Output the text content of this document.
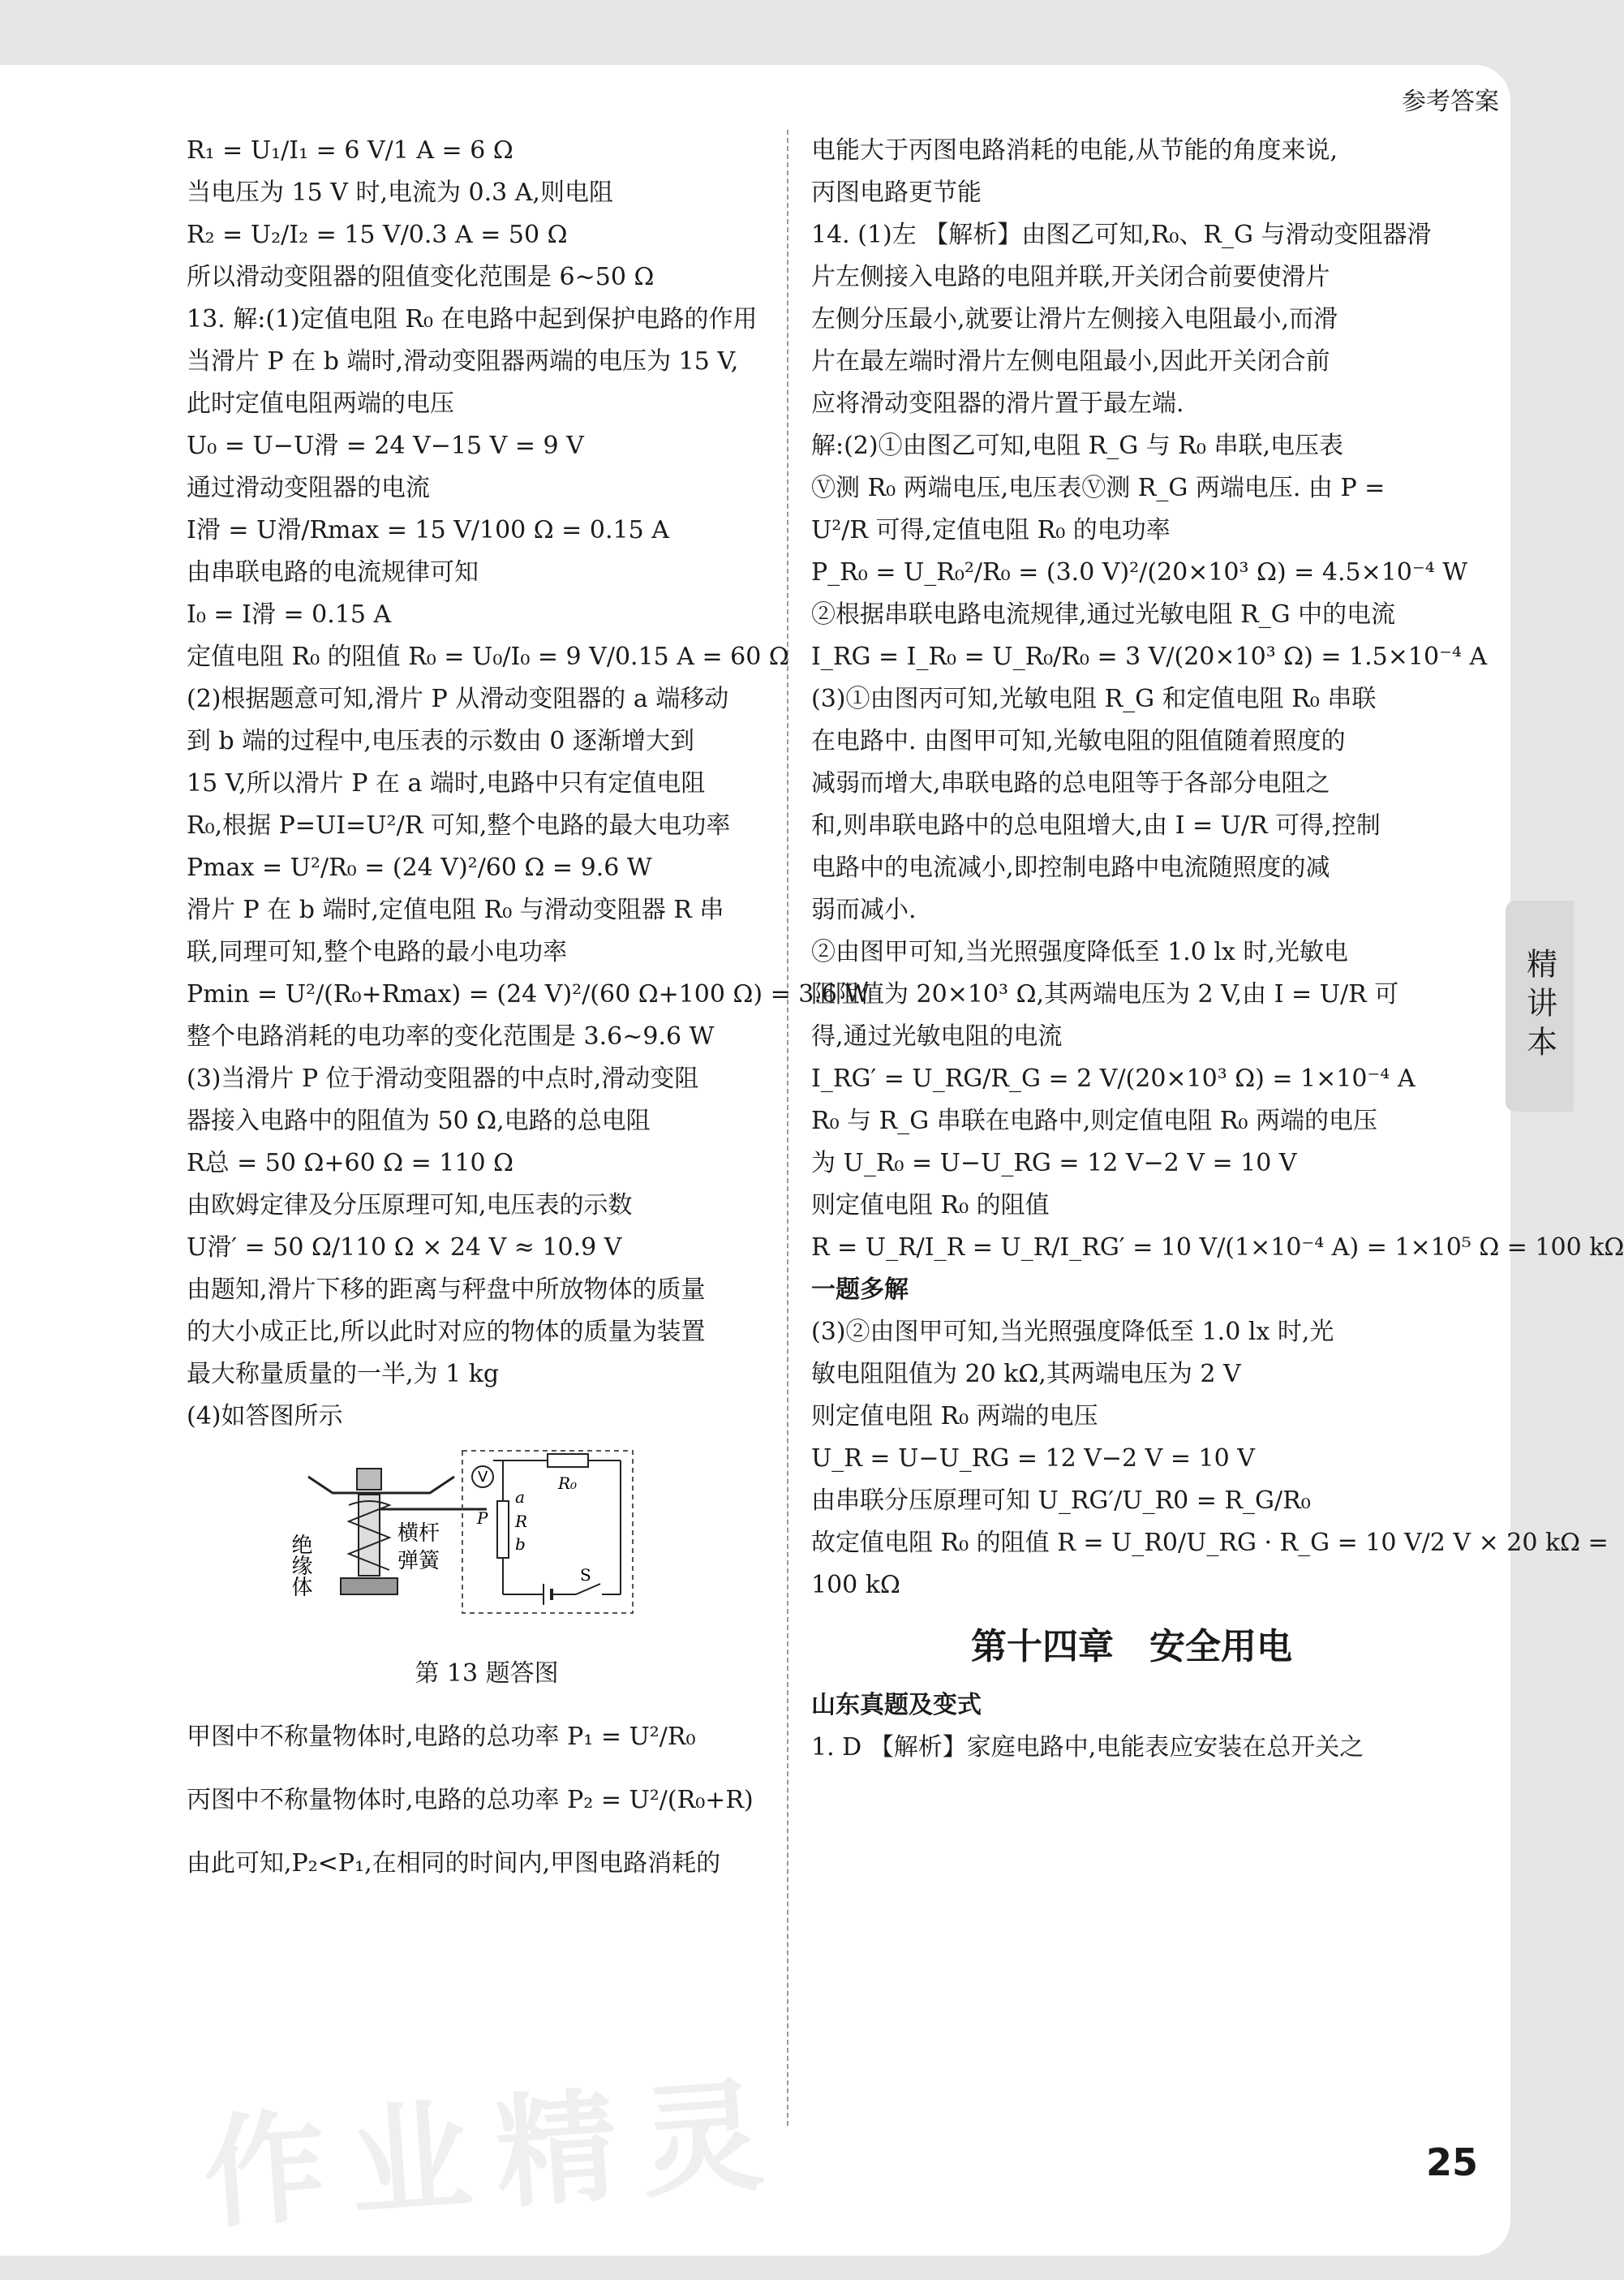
参考答案
R₁ = U₁/I₁ = 6 V/1 A = 6 Ω
当电压为 15 V 时,电流为 0.3 A,则电阻
R₂ = U₂/I₂ = 15 V/0.3 A = 50 Ω
所以滑动变阻器的阻值变化范围是 6~50 Ω
13. 解:(1)定值电阻 R₀ 在电路中起到保护电路的作用
当滑片 P 在 b 端时,滑动变阻器两端的电压为 15 V,
此时定值电阻两端的电压
U₀ = U−U滑 = 24 V−15 V = 9 V
通过滑动变阻器的电流
I滑 = U滑/Rmax = 15 V/100 Ω = 0.15 A
由串联电路的电流规律可知
I₀ = I滑 = 0.15 A
定值电阻 R₀ 的阻值 R₀ = U₀/I₀ = 9 V/0.15 A = 60 Ω
(2)根据题意可知,滑片 P 从滑动变阻器的 a 端移动
到 b 端的过程中,电压表的示数由 0 逐渐增大到
15 V,所以滑片 P 在 a 端时,电路中只有定值电阻
R₀,根据 P=UI=U²/R 可知,整个电路的最大电功率
Pmax = U²/R₀ = (24 V)²/60 Ω = 9.6 W
滑片 P 在 b 端时,定值电阻 R₀ 与滑动变阻器 R 串
联,同理可知,整个电路的最小电功率
Pmin = U²/(R₀+Rmax) = (24 V)²/(60 Ω+100 Ω) = 3.6 W
整个电路消耗的电功率的变化范围是 3.6~9.6 W
(3)当滑片 P 位于滑动变阻器的中点时,滑动变阻
器接入电路中的阻值为 50 Ω,电路的总电阻
R总 = 50 Ω+60 Ω = 110 Ω
由欧姆定律及分压原理可知,电压表的示数
U滑′ = 50 Ω/110 Ω × 24 V ≈ 10.9 V
由题知,滑片下移的距离与秤盘中所放物体的质量
的大小成正比,所以此时对应的物体的质量为装置
最大称量质量的一半,为 1 kg
(4)如答图所示
V	R₀
a
P R
b
S
绝缘体	横杆
弹簧
第 13 题答图
甲图中不称量物体时,电路的总功率 P₁ = U²/R₀
丙图中不称量物体时,电路的总功率 P₂ = U²/(R₀+R)
由此可知,P₂<P₁,在相同的时间内,甲图电路消耗的
电能大于丙图电路消耗的电能,从节能的角度来说,
丙图电路更节能
14. (1)左 【解析】由图乙可知,R₀、R_G 与滑动变阻器滑
片左侧接入电路的电阻并联,开关闭合前要使滑片
左侧分压最小,就要让滑片左侧接入电阻最小,而滑
片在最左端时滑片左侧电阻最小,因此开关闭合前
应将滑动变阻器的滑片置于最左端.
解:(2)①由图乙可知,电阻 R_G 与 R₀ 串联,电压表
Ⓥ测 R₀ 两端电压,电压表Ⓥ测 R_G 两端电压. 由 P =
U²/R 可得,定值电阻 R₀ 的电功率
P_R₀ = U_R₀²/R₀ = (3.0 V)²/(20×10³ Ω) = 4.5×10⁻⁴ W
②根据串联电路电流规律,通过光敏电阻 R_G 中的电流
I_RG = I_R₀ = U_R₀/R₀ = 3 V/(20×10³ Ω) = 1.5×10⁻⁴ A
(3)①由图丙可知,光敏电阻 R_G 和定值电阻 R₀ 串联
在电路中. 由图甲可知,光敏电阻的阻值随着照度的
减弱而增大,串联电路的总电阻等于各部分电阻之
和,则串联电路中的总电阻增大,由 I = U/R 可得,控制
电路中的电流减小,即控制电路中电流随照度的减
弱而减小.
②由图甲可知,当光照强度降低至 1.0 lx 时,光敏电
阻阻值为 20×10³ Ω,其两端电压为 2 V,由 I = U/R 可
得,通过光敏电阻的电流
I_RG′ = U_RG/R_G = 2 V/(20×10³ Ω) = 1×10⁻⁴ A
R₀ 与 R_G 串联在电路中,则定值电阻 R₀ 两端的电压
为 U_R₀ = U−U_RG = 12 V−2 V = 10 V
则定值电阻 R₀ 的阻值
R = U_R/I_R = U_R/I_RG′ = 10 V/(1×10⁻⁴ A) = 1×10⁵ Ω = 100 kΩ
一题多解
(3)②由图甲可知,当光照强度降低至 1.0 lx 时,光
敏电阻阻值为 20 kΩ,其两端电压为 2 V
则定值电阻 R₀ 两端的电压
U_R = U−U_RG = 12 V−2 V = 10 V
由串联分压原理可知 U_RG′/U_R0 = R_G/R₀
故定值电阻 R₀ 的阻值 R = U_R0/U_RG · R_G = 10 V/2 V × 20 kΩ =
100 kΩ
第十四章　安全用电
山东真题及变式
1. D 【解析】家庭电路中,电能表应安装在总开关之
精讲本
25
作业精灵
